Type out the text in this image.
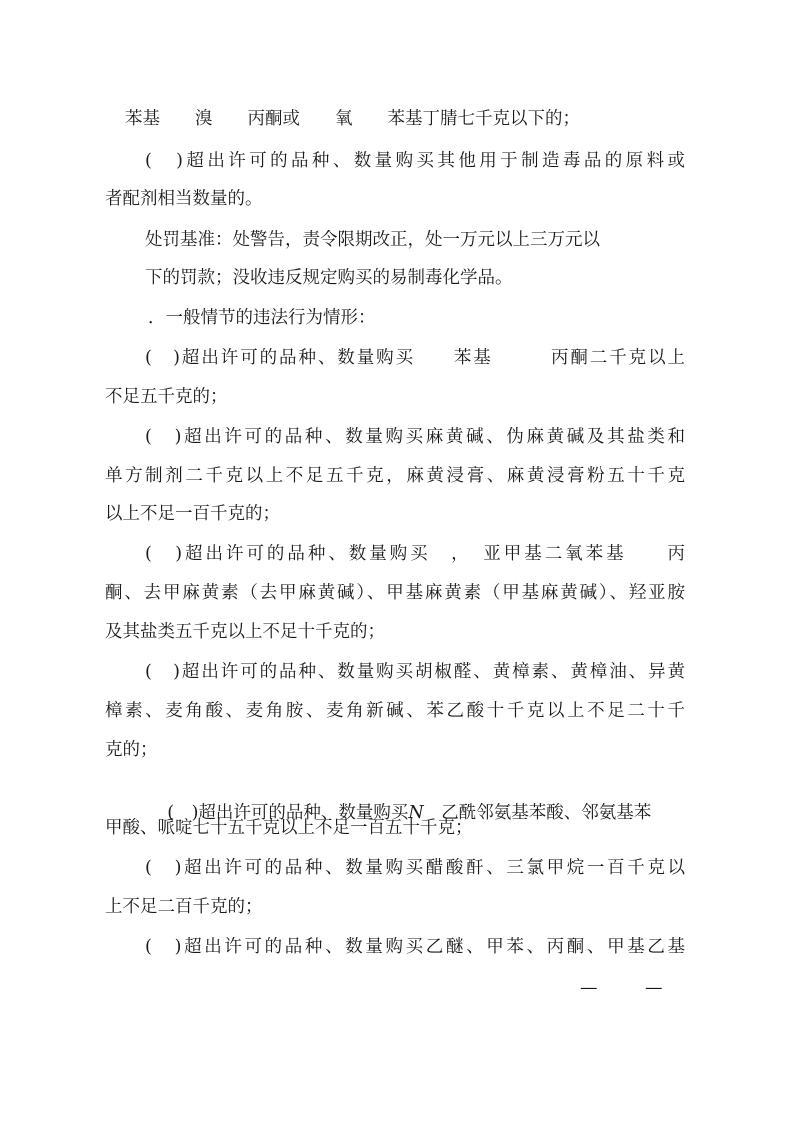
苯基　　溴　　丙酮或　　氧　　苯基丁腈七千克以下的；
(　)超出许可的品种、数量购买其他用于制造毒品的原料或
者配剂相当数量的。
处罚基准：处警告，责令限期改正，处一万元以上三万元以
下的罚款；没收违反规定购买的易制毒化学品。
．一般情节的违法行为情形：
(　)超出许可的品种、数量购买　　苯基　　　丙酮二千克以上
不足五千克的；
(　)超出许可的品种、数量购买麻黄碱、伪麻黄碱及其盐类和
单方制剂二千克以上不足五千克，麻黄浸膏、麻黄浸膏粉五十千克
以上不足一百千克的；
(　)超出许可的品种、数量购买　，　亚甲基二氧苯基　　丙
酮、去甲麻黄素（去甲麻黄碱）、甲基麻黄素（甲基麻黄碱）、羟亚胺
及其盐类五千克以上不足十千克的；
(　)超出许可的品种、数量购买胡椒醛、黄樟素、黄樟油、异黄
樟素、麦角酸、麦角胺、麦角新碱、苯乙酸十千克以上不足二十千
克的；

(　)超出许可的品种、数量购买N　乙酰邻氨基苯酸、邻氨基苯

甲酸、哌啶七十五千克以上不足一百五十千克；
(　)超出许可的品种、数量购买醋酸酐、三氯甲烷一百千克以
上不足二百千克的；
(　)超出许可的品种、数量购买乙醚、甲苯、丙酮、甲基乙基
—	—
